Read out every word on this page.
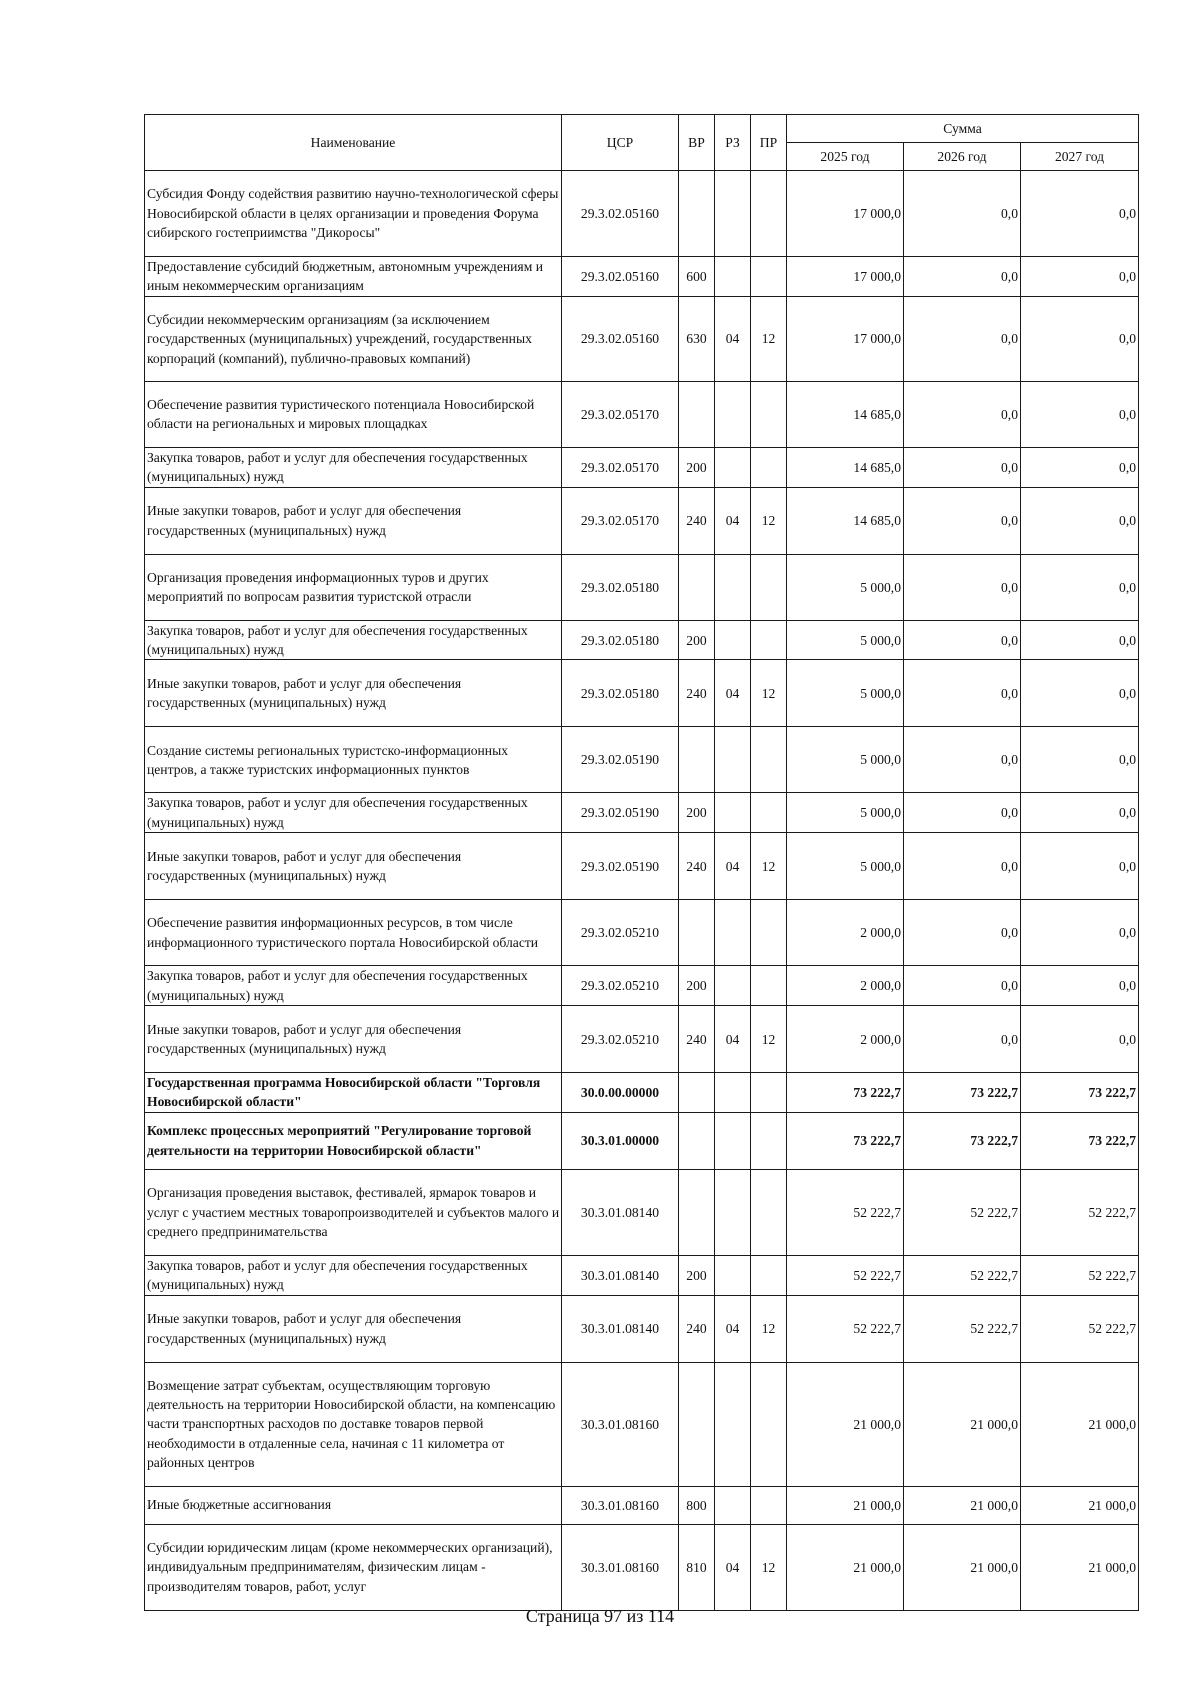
Наименование	ЦСР	ВР	РЗ	ПР	Сумма		
					2025 год	2026 год	2027 год
Субсидия Фонду содействия развитию научно-технологической сферы Новосибирской области в целях организации и проведения Форума сибирского гостеприимства "Дикоросы"	29.3.02.05160				17 000,0	0,0	0,0
Предоставление субсидий бюджетным, автономным учреждениям и иным некоммерческим организациям	29.3.02.05160	600			17 000,0	0,0	0,0
Субсидии некоммерческим организациям (за исключением государственных (муниципальных) учреждений, государственных корпораций (компаний), публично-правовых компаний)	29.3.02.05160	630	04	12	17 000,0	0,0	0,0
Обеспечение развития туристического потенциала Новосибирской области на региональных и мировых площадках	29.3.02.05170				14 685,0	0,0	0,0
Закупка товаров, работ и услуг для обеспечения государственных (муниципальных) нужд	29.3.02.05170	200			14 685,0	0,0	0,0
Иные закупки товаров, работ и услуг для обеспечения государственных (муниципальных) нужд	29.3.02.05170	240	04	12	14 685,0	0,0	0,0
Организация проведения информационных туров и других мероприятий по вопросам развития туристской отрасли	29.3.02.05180				5 000,0	0,0	0,0
Закупка товаров, работ и услуг для обеспечения государственных (муниципальных) нужд	29.3.02.05180	200			5 000,0	0,0	0,0
Иные закупки товаров, работ и услуг для обеспечения государственных (муниципальных) нужд	29.3.02.05180	240	04	12	5 000,0	0,0	0,0
Создание системы региональных туристско-информационных центров, а также туристских информационных пунктов	29.3.02.05190				5 000,0	0,0	0,0
Закупка товаров, работ и услуг для обеспечения государственных (муниципальных) нужд	29.3.02.05190	200			5 000,0	0,0	0,0
Иные закупки товаров, работ и услуг для обеспечения государственных (муниципальных) нужд	29.3.02.05190	240	04	12	5 000,0	0,0	0,0
Обеспечение развития информационных ресурсов, в том числе информационного туристического портала Новосибирской области	29.3.02.05210				2 000,0	0,0	0,0
Закупка товаров, работ и услуг для обеспечения государственных (муниципальных) нужд	29.3.02.05210	200			2 000,0	0,0	0,0
Иные закупки товаров, работ и услуг для обеспечения государственных (муниципальных) нужд	29.3.02.05210	240	04	12	2 000,0	0,0	0,0
Государственная программа Новосибирской области "Торговля Новосибирской области"	30.0.00.00000				73 222,7	73 222,7	73 222,7
Комплекс процессных мероприятий "Регулирование торговой деятельности на территории Новосибирской области"	30.3.01.00000				73 222,7	73 222,7	73 222,7
Организация проведения выставок, фестивалей, ярмарок товаров и услуг с участием местных товаропроизводителей и субъектов малого и среднего предпринимательства	30.3.01.08140				52 222,7	52 222,7	52 222,7
Закупка товаров, работ и услуг для обеспечения государственных (муниципальных) нужд	30.3.01.08140	200			52 222,7	52 222,7	52 222,7
Иные закупки товаров, работ и услуг для обеспечения государственных (муниципальных) нужд	30.3.01.08140	240	04	12	52 222,7	52 222,7	52 222,7
Возмещение затрат субъектам, осуществляющим торговую деятельность на территории Новосибирской области, на компенсацию части транспортных расходов по доставке товаров первой необходимости в отдаленные села, начиная с 11 километра от районных центров	30.3.01.08160				21 000,0	21 000,0	21 000,0
Иные бюджетные ассигнования	30.3.01.08160	800			21 000,0	21 000,0	21 000,0
Субсидии юридическим лицам (кроме некоммерческих организаций), индивидуальным предпринимателям, физическим лицам - производителям товаров, работ, услуг	30.3.01.08160	810	04	12	21 000,0	21 000,0	21 000,0
Страница 97 из 114
